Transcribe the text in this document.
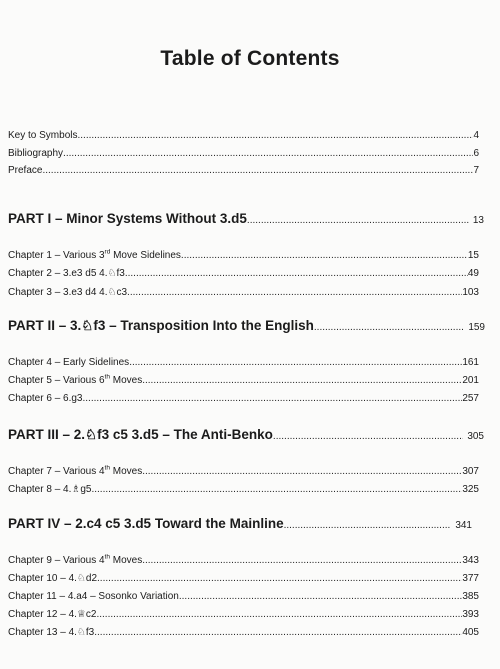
Table of Contents
Key to Symbols .....	4
Bibliography .....	6
Preface .....	7
PART I – Minor Systems Without 3.d5 .....	13
Chapter 1 – Various 3rd Move Sidelines .....	15
Chapter 2 – 3.e3 d5 4.♘f3 .....	49
Chapter 3 – 3.e3 d4 4.♘c3 .....	103
PART II – 3.♘f3 – Transposition Into the English .....	159
Chapter 4 – Early Sidelines .....	161
Chapter 5 – Various 6th Moves .....	201
Chapter 6 – 6.g3 .....	257
PART III – 2.♘f3 c5 3.d5 – The Anti-Benko .....	305
Chapter 7 – Various 4th Moves .....	307
Chapter 8 – 4.♗g5 .....	325
PART IV – 2.c4 c5 3.d5 Toward the Mainline .....	341
Chapter 9 – Various 4th Moves .....	343
Chapter 10 – 4.♘d2 .....	377
Chapter 11 – 4.a4 – Sosonko Variation .....	385
Chapter 12 – 4.♕c2 .....	393
Chapter 13 – 4.♘f3 .....	405
